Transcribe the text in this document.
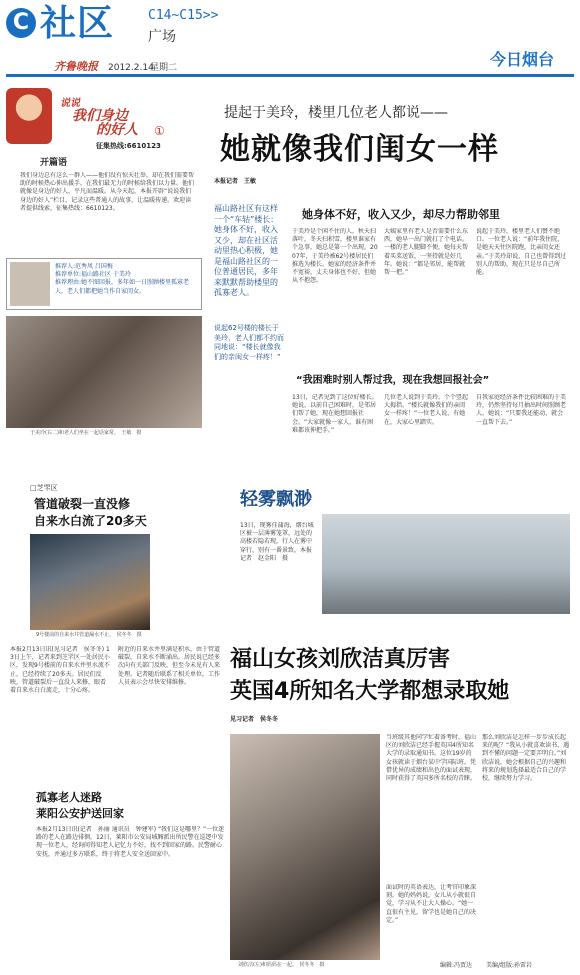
C 社区	C14~C15>>
广场
齐鲁晚报 2012.2.14
星期二	今日烟台
说说
我们身边
的好人 ①
征集热线:6610123
开篇语
我们身边总有这么一群人——他们没有惊天壮举，却在我们需要帮助的时候热心伸出援手，在我们最无力的时候给我们以力量。他们就像是身边的好人，平凡而温暖。从今天起，本报开辟“说说我们身边的好人”栏目，记录这些普通人的故事，让温暖传递。欢迎读者提供线索，征集热线：6610123。
推荐人:范秀凤 吕国梅
推荐单位:福山路社区 于美玲
推荐理由:她不图回报，多年如一日照顾楼里孤寡老人，老人们都把她当作自家闺女。
于美玲(右二)和老人们坐在一起话家常。　王敏　摄
提起于美玲，楼里几位老人都说——
她就像我们闺女一样
本报记者　王敏
福山路社区有这样一个“车轱”楼长：她身体不好，收入又少，却在社区活动里热心积极，她是福山路社区的一位普通居民，多年来默默帮助楼里的孤寡老人。
说起62号楼的楼长于美玲，老人们都不约而同地说：“楼长就像我们的亲闺女一样疼！”
她身体不好，收入又少，却尽力帮助邻里
于美玲是个闲不住的人，秋天扫落叶，冬天扫积雪，楼里谁家有个急事，她总是第一个出现。2007年，于美玲被62号楼居民们推选为楼长。她家的经济条件并不宽裕，丈夫身体也不好，但她从不抱怨。
大姨家里有老人是否需要什么东西，她早一出门就打了个电话。一楼的老人腿脚不便，她每天帮着买菜送饭，一坚持就是好几年。她说：“都是邻居，能帮就帮一把。”
说起于美玲，楼里老人们赞不绝口。一位老人说：“前年我住院，是她天天往医院跑，比亲闺女还亲。”于美玲却说，自己也曾得到过别人的帮助，现在只是尽自己所能。
“我困难时别人帮过我，现在我想回报社会”
13日，记者见到了这位好楼长。她说，以前自己困难时，是邻居们帮了她，现在她想回报社会。“大家就像一家人，谁有困难都该伸把手。”
几位老人说到于美玲，个个竖起大拇指。“楼长就像我们的亲闺女一样疼！”一位老人说，有她在，大家心里踏实。
自我家庭经济条件比较困难的于美玲，仍然坚持每月抽出时间照顾老人。她说：“只要我还能动，就会一直帮下去。”
□芝罘区
管道破裂一直没修
自来水白流了20多天
9号楼前的自来水井管道漏水不止。　侯冬冬　摄
本报2月13日讯(见习记者　侯冬冬) 13日上午，记者来到芝罘区一处居民小区，发现9号楼前的自来水井里水流不止，已经持续了20多天。居民们反映，管道破裂后一直没人来修，眼看着自来水白白流走，十分心疼。
附近的自来水井里满是积水，由于管道破裂，自来水不断涌出。居民说已经多次向有关部门反映，但至今未见有人来处理。记者随后联系了相关单位，工作人员表示会尽快安排维修。
孤寡老人迷路
莱阳公安护送回家
本报2月13日讯(记者　孙丽 通讯员　钟建军) “我们这是哪里？”一位迷路的老人在路边徘徊。12日，莱阳市公安局城厢派出所民警在巡逻中发现一位老人，经询问得知老人记忆力不好，找不到回家的路。民警耐心安抚，并通过多方联系，终于将老人安全送回家中。
轻雾飘渺
13日，现雾佳蒲海，烟台城区被一层薄雾笼罩，远处的高楼若隐若现，行人在雾中穿行，别有一番景致。本报记者　赵金阳　摄
福山女孩刘欣洁真厉害
英国4所知名大学都想录取她
见习记者　侯冬冬
刘欣洁(左)和妈妈在一起。　侯冬冬　摄
当班级其他同学忙着备考时，福山区的刘欣洁已经手握英国4所知名大学的录取通知书。这位19岁的女孩就读于烟台某中学国际班，凭借优异的成绩和出色的面试表现，同时获得了英国多所名校的青睐。
面试时的英语表达，让考官印象深刻。她的妈妈说，女儿从小就很自觉，学习从不让大人操心。“她一直很有主见，留学也是她自己的决定。”
那么刘欣洁是怎样一步步成长起来的呢？“我从小就喜欢读书，遇到不懂的问题一定要弄明白。”刘欣洁说，她会根据自己的兴趣和将来的规划选择最适合自己的学校，继续努力学习。
编辑:冯贾达 美编/组版:孙雷岩
